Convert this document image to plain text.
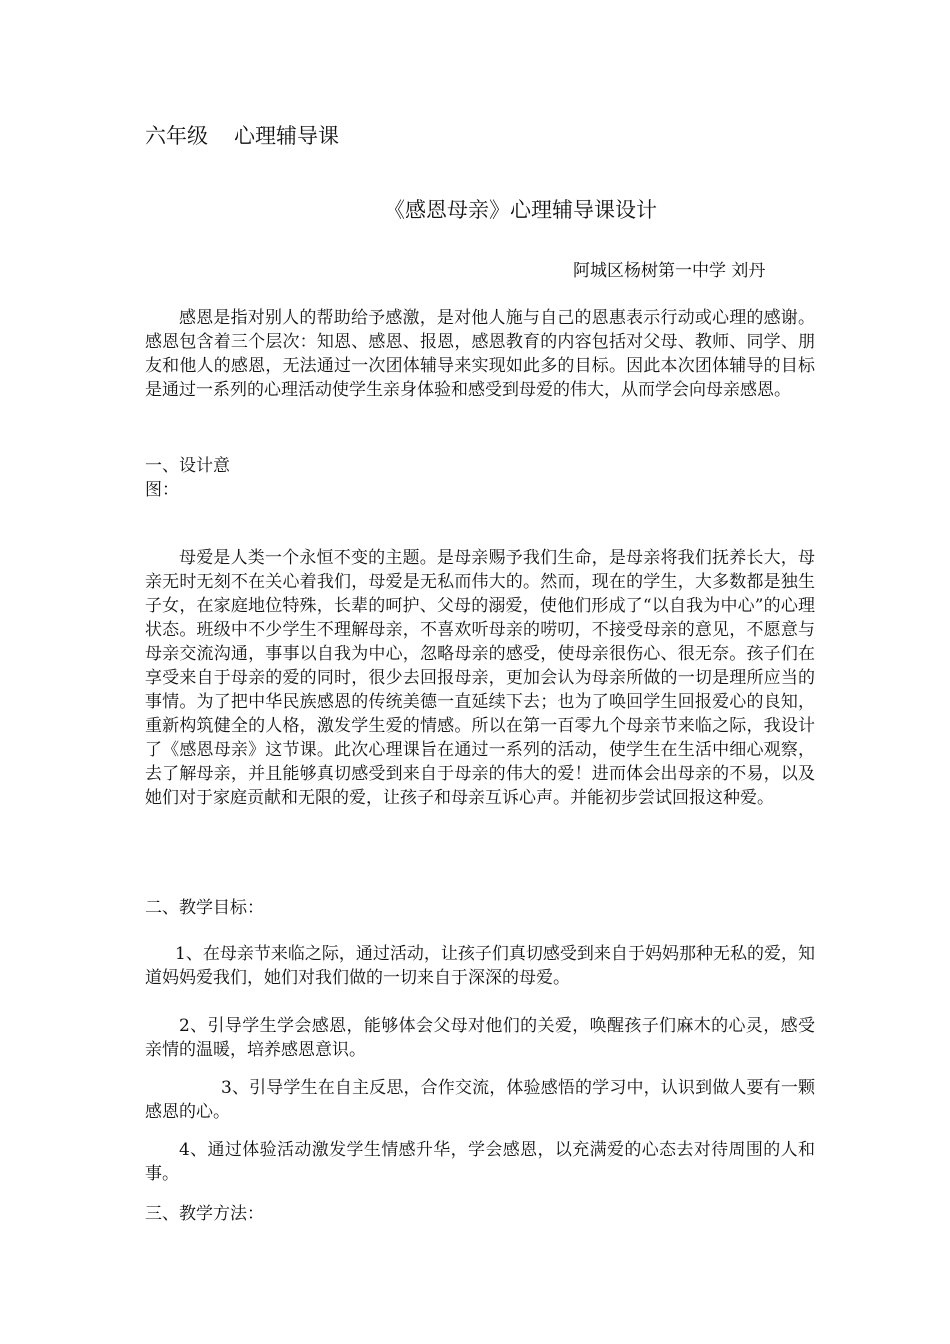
六年级 心理辅导课

《感恩母亲》心理辅导课设计

阿城区杨树第一中学 刘丹

感恩是指对别人的帮助给予感激，是对他人施与自己的恩惠表示行动或心理的感谢。感恩包含着三个层次：知恩、感恩、报恩，感恩教育的内容包括对父母、教师、同学、朋友和他人的感恩，无法通过一次团体辅导来实现如此多的目标。因此本次团体辅导的目标是通过一系列的心理活动使学生亲身体验和感受到母爱的伟大，从而学会向母亲感恩。

一、设计意图：

母爱是人类一个永恒不变的主题。是母亲赐予我们生命，是母亲将我们抚养长大，母亲无时无刻不在关心着我们，母爱是无私而伟大的。然而，现在的学生，大多数都是独生子女，在家庭地位特殊，长辈的呵护、父母的溺爱，使他们形成了“以自我为中心”的心理状态。班级中不少学生不理解母亲，不喜欢听母亲的唠叨，不接受母亲的意见，不愿意与母亲交流沟通，事事以自我为中心，忽略母亲的感受，使母亲很伤心、很无奈。孩子们在享受来自于母亲的爱的同时，很少去回报母亲，更加会认为母亲所做的一切是理所应当的事情。为了把中华民族感恩的传统美德一直延续下去；也为了唤回学生回报爱心的良知，重新构筑健全的人格，激发学生爱的情感。所以在第一百零九个母亲节来临之际，我设计了《感恩母亲》这节课。此次心理课旨在通过一系列的活动，使学生在生活中细心观察，去了解母亲，并且能够真切感受到来自于母亲的伟大的爱！进而体会出母亲的不易，以及她们对于家庭贡献和无限的爱，让孩子和母亲互诉心声。并能初步尝试回报这种爱。

二、教学目标：

1、在母亲节来临之际，通过活动，让孩子们真切感受到来自于妈妈那种无私的爱，知道妈妈爱我们，她们对我们做的一切来自于深深的母爱。

2、引导学生学会感恩，能够体会父母对他们的关爱，唤醒孩子们麻木的心灵，感受亲情的温暖，培养感恩意识。

3、引导学生在自主反思，合作交流，体验感悟的学习中，认识到做人要有一颗感恩的心。

4、通过体验活动激发学生情感升华，学会感恩，以充满爱的心态去对待周围的人和事。

三、教学方法：
